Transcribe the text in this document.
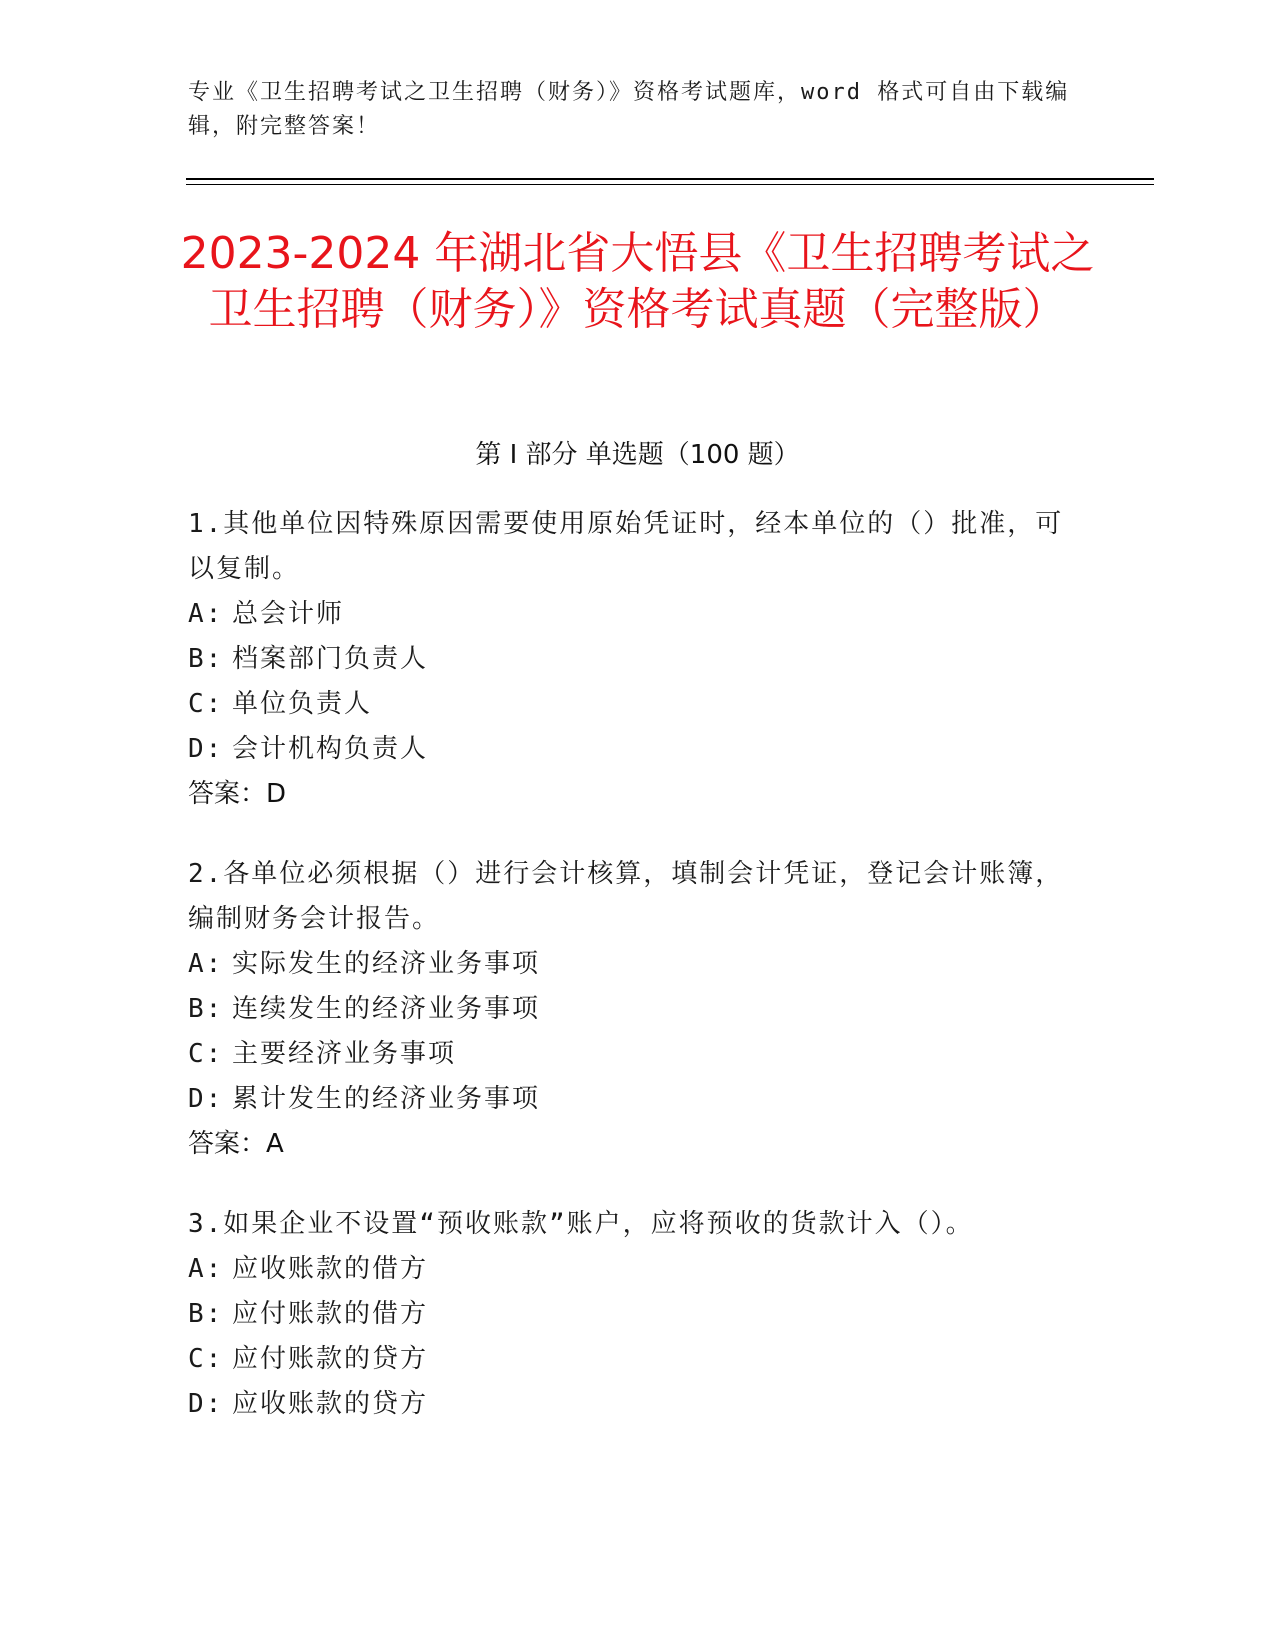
专业《卫生招聘考试之卫生招聘（财务）》资格考试题库，word 格式可自由下载编辑，附完整答案！
2023-2024 年湖北省大悟县《卫生招聘考试之卫生招聘（财务）》资格考试真题（完整版）
第 I 部分 单选题（100 题）

1.其他单位因特殊原因需要使用原始凭证时，经本单位的（）批准，可以复制。

A: 总会计师

B: 档案部门负责人

C: 单位负责人

D: 会计机构负责人

答案：D

2.各单位必须根据（）进行会计核算，填制会计凭证，登记会计账簿，编制财务会计报告。

A: 实际发生的经济业务事项

B: 连续发生的经济业务事项

C: 主要经济业务事项

D: 累计发生的经济业务事项

答案：A

3.如果企业不设置“预收账款”账户，应将预收的货款计入（）。

A: 应收账款的借方

B: 应付账款的借方

C: 应付账款的贷方

D: 应收账款的贷方
